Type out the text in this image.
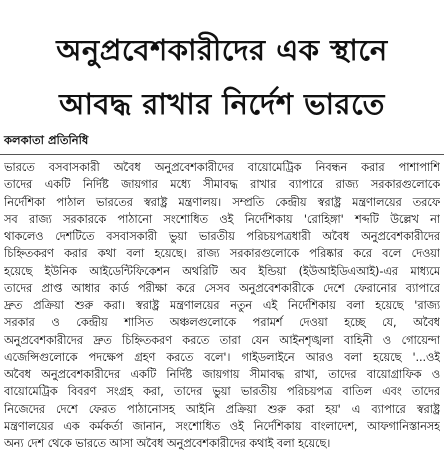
অনুপ্রবেশকারীদের এক স্থানে
আবদ্ধ রাখার নির্দেশ ভারতে
কলকাতা প্রতিনিধি
ভারতে বসবাসকারী অবৈধ অনুপ্রবেশকারীদের বায়োমেট্রিক নিবন্ধন করার পাশাপাশি
তাদের একটি নির্দিষ্ট জায়গার মধ্যে সীমাবদ্ধ রাখার ব্যাপারে রাজ্য সরকারগুলোকে
নির্দেশিকা পাঠাল ভারতের স্বরাষ্ট্র মন্ত্রণালয়। সম্প্রতি কেন্দ্রীয় স্বরাষ্ট্র মন্ত্রণালয়ের তরফে
সব রাজ্য সরকারকে পাঠানো সংশোধিত ওই নির্দেশিকায় 'রোহিঙ্গা' শব্দটি উল্লেখ না
থাকলেও দেশটিতে বসবাসকারী ভুয়া ভারতীয় পরিচয়পত্রধারী অবৈধ অনুপ্রবেশকারীদের
চিহ্নিতকরণ করার কথা বলা হয়েছে। রাজ্য সরকারগুলোকে পরিষ্কার করে বলে দেওয়া
হয়েছে ইউনিক আইডেন্টিফিকেশন অথরিটি অব ইন্ডিয়া (ইউআইডিএআই)-এর মাধ্যমে
তাদের প্রাপ্ত আধার কার্ড পরীক্ষা করে সেসব অনুপ্রবেশকারীকে দেশে ফেরানোর ব্যাপারে
দ্রুত প্রক্রিয়া শুরু করা। স্বরাষ্ট্র মন্ত্রণালয়ের নতুন এই নির্দেশিকায় বলা হয়েছে 'রাজ্য
সরকার ও কেন্দ্রীয় শাসিত অঞ্চলগুলোকে পরামর্শ দেওয়া হচ্ছে যে, অবৈধ
অনুপ্রবেশকারীদের দ্রুত চিহ্নিতকরণ করতে তারা যেন আইনশৃঙ্খলা বাহিনী ও গোয়েন্দা
এজেন্সিগুলোকে পদক্ষেপ গ্রহণ করতে বলে'। গাইডলাইনে আরও বলা হয়েছে '...ওই
অবৈধ অনুপ্রবেশকারীদের একটি নির্দিষ্ট জায়গায় সীমাবদ্ধ রাখা, তাদের বায়োগ্রাফিক ও
বায়োমেট্রিক বিবরণ সংগ্রহ করা, তাদের ভুয়া ভারতীয় পরিচয়পত্র বাতিল এবং তাদের
নিজেদের দেশে ফেরত পাঠানোসহ আইনি প্রক্রিয়া শুরু করা হয়' এ ব্যাপারে স্বরাষ্ট্র
মন্ত্রণালয়ের এক কর্মকর্তা জানান, সংশোধিত ওই নির্দেশিকায় বাংলাদেশ, আফগানিস্তানসহ
অন্য দেশ থেকে ভারতে আসা অবৈধ অনুপ্রবেশকারীদের কথাই বলা হয়েছে।
